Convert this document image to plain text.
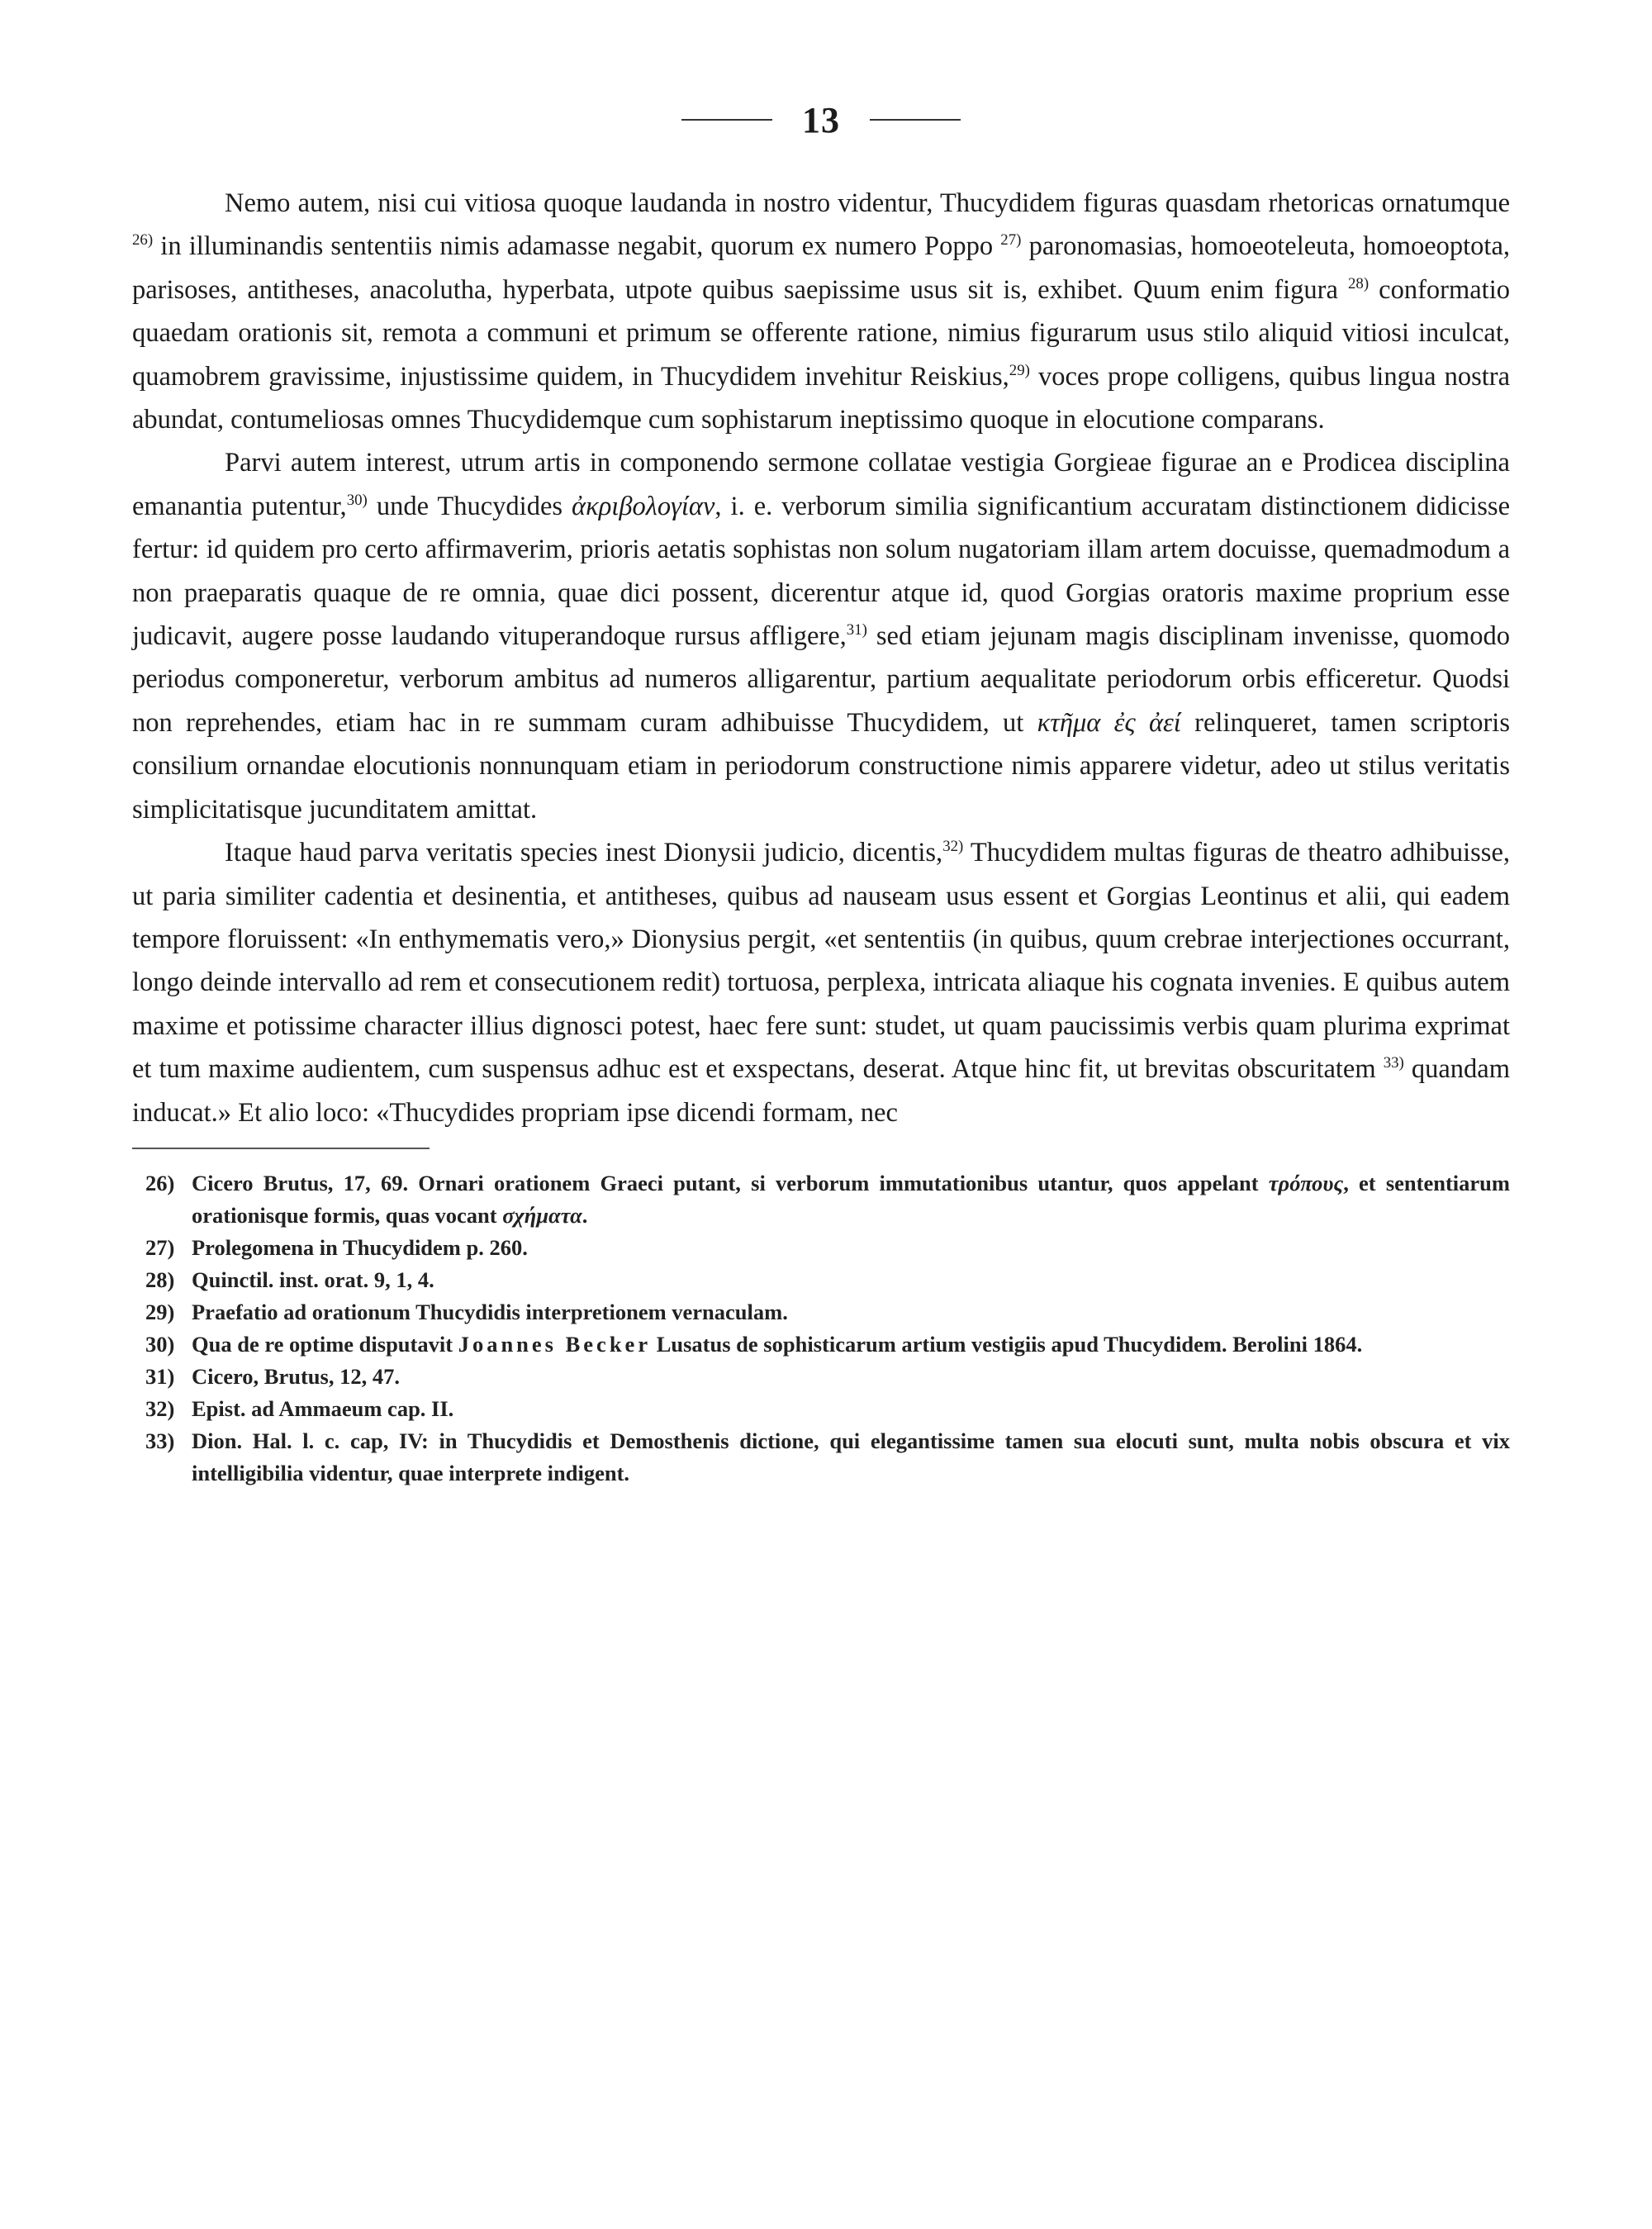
13

Nemo autem, nisi cui vitiosa quoque laudanda in nostro videntur, Thucydidem figuras quasdam rhetoricas ornatumque $^{26)}$ in illuminandis sententiis nimis adamasse negabit, quorum ex numero Poppo $^{27)}$ paronomasias, homoeoteleuta, homoeoptota, parisoses, antitheses, anacolutha, hyperbata, utpote quibus saepissime usus sit is, exhibet. Quum enim figura $^{28)}$ conformatio quaedam orationis sit, remota a communi et primum se offerente ratione, nimius figurarum usus stilo aliquid vitiosi inculcat, quamobrem gravissime, injustissime quidem, in Thucydidem invehitur Reiskius,$^{29)}$ voces prope colligens, quibus lingua nostra abundat, contumeliosas omnes Thucydidemque cum sophistarum ineptissimo quoque in elocutione comparans.

Parvi autem interest, utrum artis in componendo sermone collatae vestigia Gorgieae figurae an e Prodicea disciplina emanantia putentur,$^{30)}$ unde Thucydides ἀκριβολογίαν, i. e. verborum similia significantium accuratam distinctionem didicisse fertur: id quidem pro certo affirmaverim, prioris aetatis sophistas non solum nugatoriam illam artem docuisse, quemadmodum a non praeparatis quaque de re omnia, quae dici possent, dicerentur atque id, quod Gorgias oratoris maxime proprium esse judicavit, augere posse laudando vituperandoque rursus affligere,$^{31)}$ sed etiam jejunam magis disciplinam invenisse, quomodo periodus componeretur, verborum ambitus ad numeros alligarentur, partium aequalitate periodorum orbis efficeretur. Quodsi non reprehendes, etiam hac in re summam curam adhibuisse Thucydidem, ut κτῆμα ἐς ἀεί relinqueret, tamen scriptoris consilium ornandae elocutionis nonnunquam etiam in periodorum constructione nimis apparere videtur, adeo ut stilus veritatis simplicitatisque jucunditatem amittat.

Itaque haud parva veritatis species inest Dionysii judicio, dicentis,$^{32)}$ Thucydidem multas figuras de theatro adhibuisse, ut paria similiter cadentia et desinentia, et antitheses, quibus ad nauseam usus essent et Gorgias Leontinus et alii, qui eadem tempore floruissent: «In enthymematis vero,» Dionysius pergit, «et sententiis (in quibus, quum crebrae interjectiones occurrant, longo deinde intervallo ad rem et consecutionem redit) tortuosa, perplexa, intricata aliaque his cognata invenies. E quibus autem maxime et potissime character illius dignosci potest, haec fere sunt: studet, ut quam paucissimis verbis quam plurima exprimat et tum maxime audientem, cum suspensus adhuc est et exspectans, deserat. Atque hinc fit, ut brevitas obscuritatem $^{33)}$ quandam inducat.» Et alio loco: «Thucydides propriam ipse dicendi formam, nec

26) Cicero Brutus, 17, 69. Ornari orationem Graeci putant, si verborum immutationibus utantur, quos appelant τρόπους, et sententiarum orationisque formis, quas vocant σχήματα.
27) Prolegomena in Thucydidem p. 260.
28) Quinctil. inst. orat. 9, 1, 4.
29) Praefatio ad orationum Thucydidis interpretionem vernaculam.
30) Qua de re optime disputavit Joannes Becker Lusatus de sophisticarum artium vestigiis apud Thucydidem. Berolini 1864.
31) Cicero, Brutus, 12, 47.
32) Epist. ad Ammaeum cap. II.
33) Dion. Hal. l. c. cap, IV: in Thucydidis et Demosthenis dictione, qui elegantissime tamen sua elocuti sunt, multa nobis obscura et vix intelligibilia videntur, quae interprete indigent.
